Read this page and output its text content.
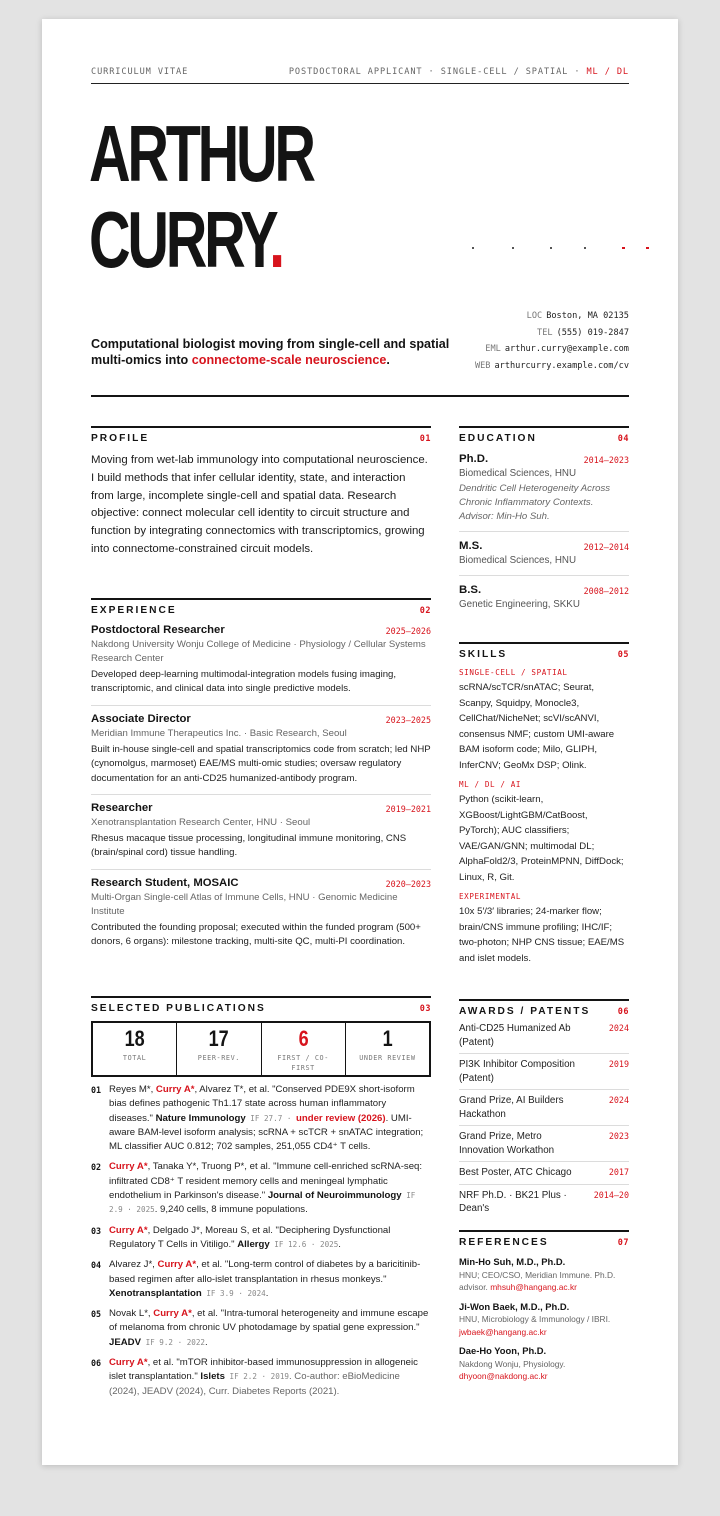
CURRICULUM VITAE	POSTDOCTORAL APPLICANT · SINGLE-CELL / SPATIAL · ML / DL
ARTHUR
CURRY.
LOC Boston, MA 02135
TEL (555) 019-2847
EML arthur.curry@example.com
WEB arthurcurry.example.com/cv
Computational biologist moving from single-cell and spatial multi-omics into connectome-scale neuroscience.
PROFILE	01

Moving from wet-lab immunology into computational neuroscience. I build methods that infer cellular identity, state, and interaction from large, incomplete single-cell and spatial data. Research objective: connect molecular cell identity to circuit structure and function by integrating connectomics with transcriptomics, growing into connectome-constrained circuit models.

EXPERIENCE	02
Postdoctoral Researcher	2025–2026
Nakdong University Wonju College of Medicine · Physiology / Cellular Systems Research Center
Developed deep-learning multimodal-integration models fusing imaging, transcriptomic, and clinical data into single predictive models.
Associate Director	2023–2025
Meridian Immune Therapeutics Inc. · Basic Research, Seoul
Built in-house single-cell and spatial transcriptomics code from scratch; led NHP (cynomolgus, marmoset) EAE/MS multi-omic studies; oversaw regulatory documentation for an anti-CD25 humanized-antibody program.
Researcher	2019–2021
Xenotransplantation Research Center, HNU · Seoul
Rhesus macaque tissue processing, longitudinal immune monitoring, CNS (brain/spinal cord) tissue handling.
Research Student, MOSAIC	2020–2023
Multi-Organ Single-cell Atlas of Immune Cells, HNU · Genomic Medicine Institute
Contributed the founding proposal; executed within the funded program (500+ donors, 6 organs): milestone tracking, multi-site QC, multi-PI coordination.
SELECTED PUBLICATIONS	03
18
TOTAL
17
PEER-REV.
6
FIRST / CO-FIRST
1
UNDER REVIEW
01 Reyes M*, Curry A*, Alvarez T*, et al. "Conserved PDE9X short-isoform bias defines pathogenic Th1.17 state across human inflammatory diseases." Nature Immunology IF 27.7 · under review (2026). UMI-aware BAM-level isoform analysis; scRNA + scTCR + snATAC integration; ML classifier AUC 0.812; 702 samples, 251,055 CD4⁺ T cells.
02 Curry A*, Tanaka Y*, Truong P*, et al. "Immune cell-enriched scRNA-seq: infiltrated CD8⁺ T resident memory cells and meningeal lymphatic endothelium in Parkinson's disease." Journal of Neuroimmunology IF 2.9 · 2025. 9,240 cells, 8 immune populations.
03 Curry A*, Delgado J*, Moreau S, et al. "Deciphering Dysfunctional Regulatory T Cells in Vitiligo." Allergy IF 12.6 · 2025.
04 Alvarez J*, Curry A*, et al. "Long-term control of diabetes by a baricitinib-based regimen after allo-islet transplantation in rhesus monkeys." Xenotransplantation IF 3.9 · 2024.
05 Novak L*, Curry A*, et al. "Intra-tumoral heterogeneity and immune escape of melanoma from chronic UV photodamage by spatial gene expression." JEADV IF 9.2 · 2022.
06 Curry A*, et al. "mTOR inhibitor-based immunosuppression in allogeneic islet transplantation." Islets IF 2.2 · 2019. Co-author: eBioMedicine (2024), JEADV (2024), Curr. Diabetes Reports (2021).
EDUCATION	04
Ph.D.	2014–2023
Biomedical Sciences, HNU
Dendritic Cell Heterogeneity Across Chronic Inflammatory Contexts. Advisor: Min-Ho Suh.
M.S.	2012–2014
Biomedical Sciences, HNU
B.S.	2008–2012
Genetic Engineering, SKKU
SKILLS	05
SINGLE-CELL / SPATIAL
scRNA/scTCR/snATAC; Seurat, Scanpy, Squidpy, Monocle3, CellChat/NicheNet; scVI/scANVI, consensus NMF; custom UMI-aware BAM isoform code; Milo, GLIPH, InferCNV; GeoMx DSP; Olink.
ML / DL / AI
Python (scikit-learn, XGBoost/LightGBM/CatBoost, PyTorch); AUC classifiers; VAE/GAN/GNN; multimodal DL; AlphaFold2/3, ProteinMPNN, DiffDock; Linux, R, Git.
EXPERIMENTAL
10x 5′/3′ libraries; 24-marker flow; brain/CNS immune profiling; IHC/IF; two-photon; NHP CNS tissue; EAE/MS and islet models.
AWARDS / PATENTS	06
Anti-CD25 Humanized Ab (Patent)
2024
PI3K Inhibitor Composition (Patent)
2019
Grand Prize, AI Builders Hackathon
2024
Grand Prize, Metro Innovation Workathon
2023
Best Poster, ATC Chicago	2017
NRF Ph.D. · BK21 Plus · Dean's
2014–20
REFERENCES	07
Min-Ho Suh, M.D., Ph.D.
HNU; CEO/CSO, Meridian Immune. Ph.D. advisor. mhsuh@hangang.ac.kr
Ji-Won Baek, M.D., Ph.D.
HNU, Microbiology & Immunology / IBRI. jwbaek@hangang.ac.kr
Dae-Ho Yoon, Ph.D.
Nakdong Wonju, Physiology.
dhyoon@nakdong.ac.kr
